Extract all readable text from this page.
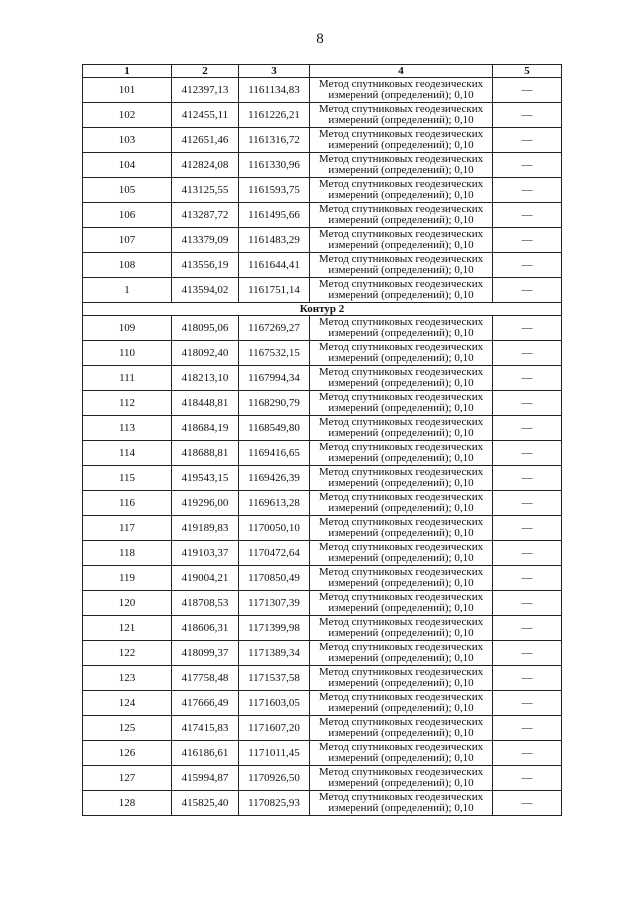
8
1	2	3	4	5
101	412397,13	1161134,83	Метод спутниковых геодезических измерений (определений); 0,10	—
102	412455,11	1161226,21	Метод спутниковых геодезических измерений (определений); 0,10	—
103	412651,46	1161316,72	Метод спутниковых геодезических измерений (определений); 0,10	—
104	412824,08	1161330,96	Метод спутниковых геодезических измерений (определений); 0,10	—
105	413125,55	1161593,75	Метод спутниковых геодезических измерений (определений); 0,10	—
106	413287,72	1161495,66	Метод спутниковых геодезических измерений (определений); 0,10	—
107	413379,09	1161483,29	Метод спутниковых геодезических измерений (определений); 0,10	—
108	413556,19	1161644,41	Метод спутниковых геодезических измерений (определений); 0,10	—
1	413594,02	1161751,14	Метод спутниковых геодезических измерений (определений); 0,10	—
Контур 2				
109	418095,06	1167269,27	Метод спутниковых геодезических измерений (определений); 0,10	—
110	418092,40	1167532,15	Метод спутниковых геодезических измерений (определений); 0,10	—
111	418213,10	1167994,34	Метод спутниковых геодезических измерений (определений); 0,10	—
112	418448,81	1168290,79	Метод спутниковых геодезических измерений (определений); 0,10	—
113	418684,19	1168549,80	Метод спутниковых геодезических измерений (определений); 0,10	—
114	418688,81	1169416,65	Метод спутниковых геодезических измерений (определений); 0,10	—
115	419543,15	1169426,39	Метод спутниковых геодезических измерений (определений); 0,10	—
116	419296,00	1169613,28	Метод спутниковых геодезических измерений (определений); 0,10	—
117	419189,83	1170050,10	Метод спутниковых геодезических измерений (определений); 0,10	—
118	419103,37	1170472,64	Метод спутниковых геодезических измерений (определений); 0,10	—
119	419004,21	1170850,49	Метод спутниковых геодезических измерений (определений); 0,10	—
120	418708,53	1171307,39	Метод спутниковых геодезических измерений (определений); 0,10	—
121	418606,31	1171399,98	Метод спутниковых геодезических измерений (определений); 0,10	—
122	418099,37	1171389,34	Метод спутниковых геодезических измерений (определений); 0,10	—
123	417758,48	1171537,58	Метод спутниковых геодезических измерений (определений); 0,10	—
124	417666,49	1171603,05	Метод спутниковых геодезических измерений (определений); 0,10	—
125	417415,83	1171607,20	Метод спутниковых геодезических измерений (определений); 0,10	—
126	416186,61	1171011,45	Метод спутниковых геодезических измерений (определений); 0,10	—
127	415994,87	1170926,50	Метод спутниковых геодезических измерений (определений); 0,10	—
128	415825,40	1170825,93	Метод спутниковых геодезических измерений (определений); 0,10	—
